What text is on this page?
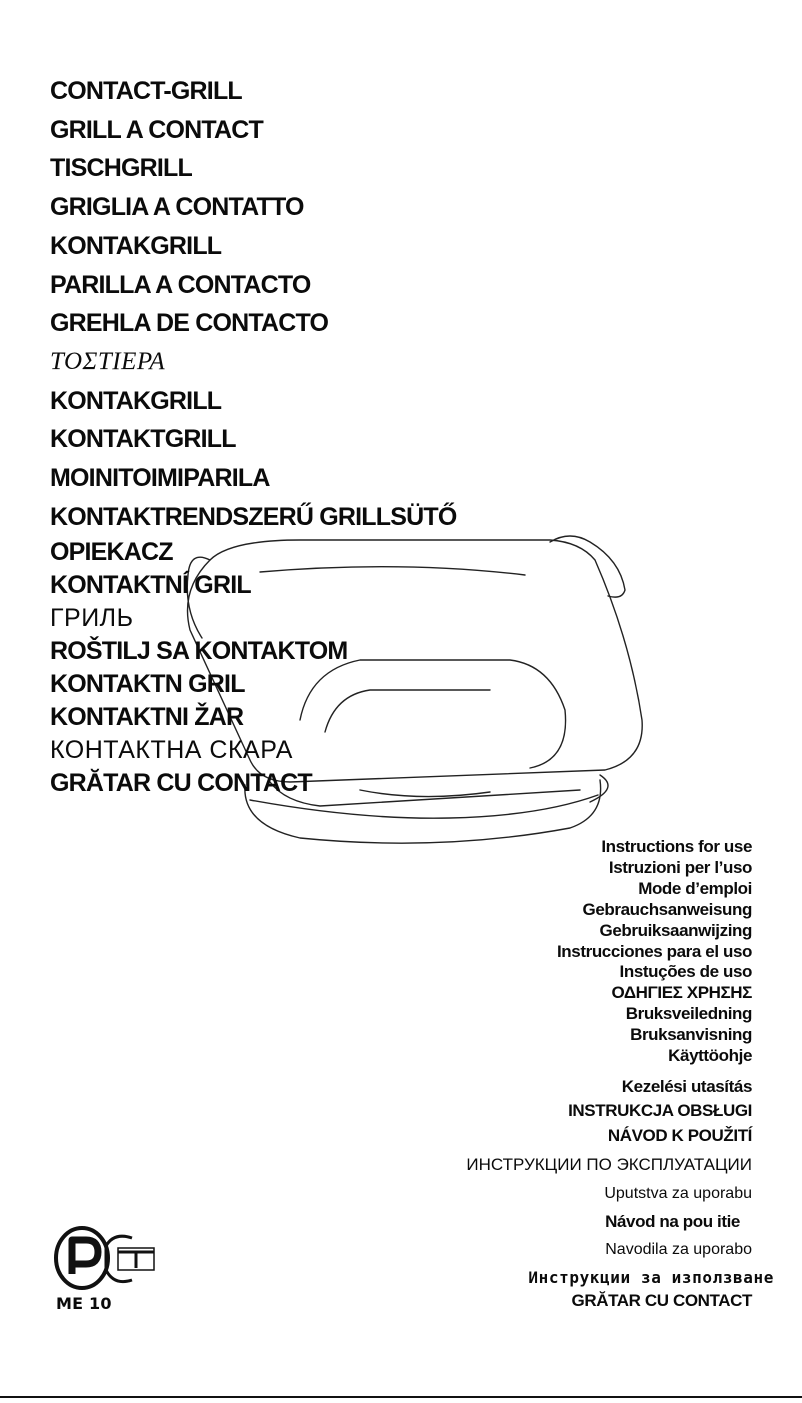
CONTACT-GRILL
GRILL A CONTACT
TISCHGRILL
GRIGLIA A CONTATTO
KONTAKGRILL
PARILLA A CONTACTO
GREHLA DE CONTACTO
ΤΟΣΤΙΕΡΑ
KONTAKGRILL
KONTAKTGRILL
MOINITOIMIPARILA
KONTAKTRENDSZERŰ GRILLSÜTŐ
OPIEKACZ
KONTAKTNÍ GRIL
ГРИЛЬ
ROŠTILJ SA KONTAKTOM
KONTAKTN GRIL
KONTAKTNI ŽAR
КОНТАКТНА СКАРА
GRĂTAR CU CONTACT
Instructions for use
Istruzioni per l’uso
Mode d’emploi
Gebrauchsanweisung
Gebruiksaanwijzing
Instrucciones para el uso
Instuções de uso
ΟΔΗΓΙΕΣ ΧΡΗΣΗΣ
Bruksveiledning
Bruksanvisning
Käyttöohje
Kezelési utasítás
INSTRUKCJA OBSŁUGI
NÁVOD K POUŽITÍ
ИНСТРУКЦИИ ПО ЭКСПЛУАТАЦИИ
Uputstva za uporabu
Návod na pou itie
Navodila za uporabo
Инструкции за използване
GRĂTAR CU CONTACT
ME 10
